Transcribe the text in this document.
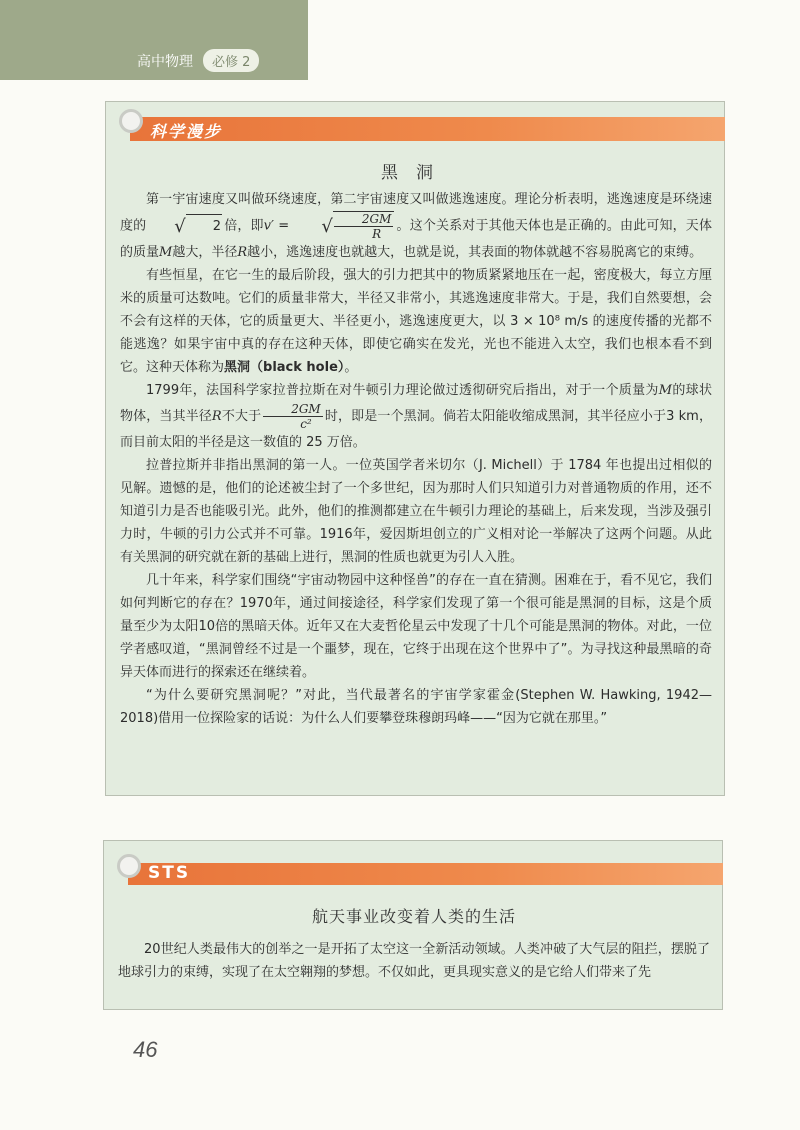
高中物理	必修 2
科学漫步
黑洞

第一宇宙速度又叫做环绕速度，第二宇宙速度又叫做逃逸速度。理论分析表明，逃逸速度是环绕速度的	√	2 倍，即v′ =	√ $\frac{2GM}{R}$ 。这个关系对于其他天体也是正确的。由此可知，天体的质量M越大，半径R越小，逃逸速度也就越大，也就是说，其表面的物体就越不容易脱离它的束缚。

有些恒星，在它一生的最后阶段，强大的引力把其中的物质紧紧地压在一起，密度极大，每立方厘米的质量可达数吨。它们的质量非常大，半径又非常小，其逃逸速度非常大。于是，我们自然要想，会不会有这样的天体，它的质量更大、半径更小，逃逸速度更大，以 3 × 10⁸ m/s 的速度传播的光都不能逃逸？如果宇宙中真的存在这种天体，即使它确实在发光，光也不能进入太空，我们也根本看不到它。这种天体称为黑洞（black hole）。

1799年，法国科学家拉普拉斯在对牛顿引力理论做过透彻研究后指出，对于一个质量为M的球状物体，当其半径R不大于 $\frac{2GM}{\text{c²}}$ 时，即是一个黑洞。倘若太阳能收缩成黑洞，其半径应小于3 km，而目前太阳的半径是这一数值的 25 万倍。

拉普拉斯并非指出黑洞的第一人。一位英国学者米切尔（J. Michell）于 1784 年也提出过相似的见解。遗憾的是，他们的论述被尘封了一个多世纪，因为那时人们只知道引力对普通物质的作用，还不知道引力是否也能吸引光。此外，他们的推测都建立在牛顿引力理论的基础上，后来发现，当涉及强引力时，牛顿的引力公式并不可靠。1916年，爱因斯坦创立的广义相对论一举解决了这两个问题。从此有关黑洞的研究就在新的基础上进行，黑洞的性质也就更为引人入胜。

几十年来，科学家们围绕“宇宙动物园中这种怪兽”的存在一直在猜测。困难在于，看不见它，我们如何判断它的存在？1970年，通过间接途径，科学家们发现了第一个很可能是黑洞的目标，这是个质量至少为太阳10倍的黑暗天体。近年又在大麦哲伦星云中发现了十几个可能是黑洞的物体。对此，一位学者感叹道，“黑洞曾经不过是一个噩梦，现在，它终于出现在这个世界中了”。为寻找这种最黑暗的奇异天体而进行的探索还在继续着。

“为什么要研究黑洞呢？”对此，当代最著名的宇宙学家霍金(Stephen W. Hawking, 1942—2018)借用一位探险家的话说：为什么人们要攀登珠穆朗玛峰——“因为它就在那里。”

STS
航天事业改变着人类的生活

20世纪人类最伟大的创举之一是开拓了太空这一全新活动领域。人类冲破了大气层的阻拦，摆脱了地球引力的束缚，实现了在太空翱翔的梦想。不仅如此，更具现实意义的是它给人们带来了先

46
